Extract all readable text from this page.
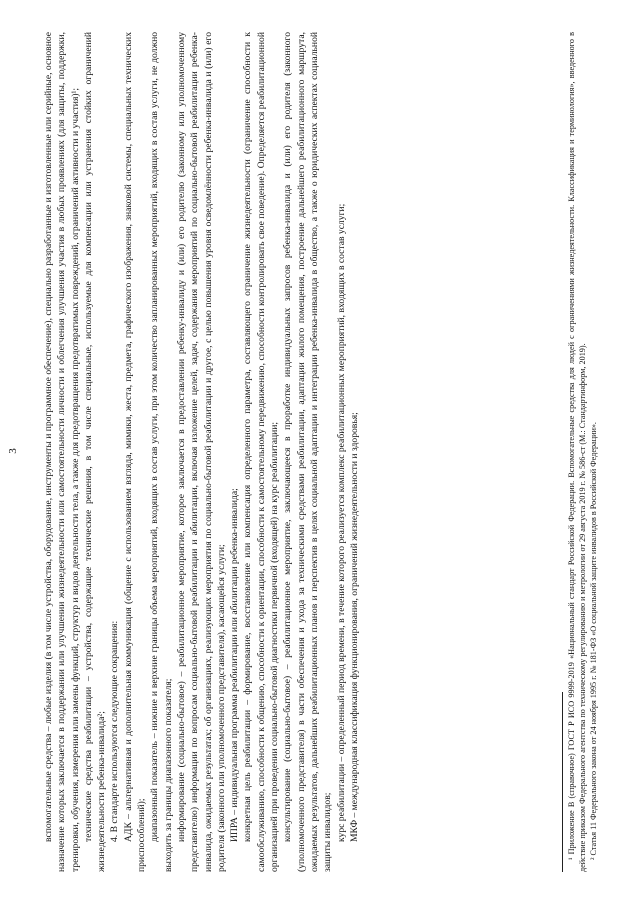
3	вспомогательные средства – любые изделия (в том числе устройства, оборудование, инструменты и программное обеспечение), специально разработанные и изготовленные или серийные, основное назначение которых заключается в поддержании или улучшении жизнедеятельности или самостоятельности личности и облегчения улучшения участия в любых проявлениях (для защиты, поддержки, тренировки, обучения, измерения или замены функций, структур и видов деятельности тела, а также для предотвращения предотвратимых повреждений, ограничений активности и участия)¹; технические средства реабилитации – устройства, содержащие технические решения, в том числе специальные, используемые для компенсации или устранения стойких ограничений жизнедеятельности ребенка-инвалида²; 4. В стандарте используются следующие сокращения: АДК – альтернативная и дополнительная коммуникация (общение с использованием взгляда, мимики, жеста, предмета, графического изображения, знаковой системы, специальных технических приспособлений); диапазонный показатель – нижние и верхние границы объема мероприятий, входящих в состав услуги, при этом количество запланированных мероприятий, входящих в состав услуги, не должно выходить за границы диапазонного показателя; информирование (социально-бытовое) – реабилитационное мероприятие, которое заключается в предоставлении ребенку-инвалиду и (или) его родителю (законному или уполномоченному представителю) информации по вопросам социально-бытовой реабилитации и абилитации, включая изложение целей, задач, содержания мероприятий по социально-бытовой реабилитации ребенка-инвалида, ожидаемых результатах; об организациях, реализующих мероприятия по социально-бытовой реабилитации и другое, с целью повышения уровня осведомлённости ребенка-инвалида и (или) его родителя (законного или уполномоченного представителя), касающейся услуги; ИПРА – индивидуальная программа реабилитации или абилитации ребенка-инвалида; конкретная цель реабилитации – формирование, восстановление или компенсация определенного параметра, составляющего ограничение жизнедеятельности (ограничение способности к самообслуживанию, способности к общению, способности к ориентации, способности к самостоятельному передвижению, способности контролировать свое поведение). Определяется реабилитационной организацией при проведении социально-бытовой диагностики первичной (входящей) на курс реабилитации; консультирование (социально-бытовое) – реабилитационное мероприятие, заключающееся в проработке индивидуальных запросов ребенка-инвалида и (или) его родителя (законного (уполномоченного представителя) в части обеспечения и ухода за техническими средствами реабилитации, адаптации жилого помещения, построение дальнейшего реабилитационного маршрута, ожидаемых результатов, дальнейших реабилитационных планов и перспектив в целях социальной адаптации и интеграции ребенка-инвалида в общество, а также о юридических аспектах социальной защиты инвалидов; курс реабилитации – определенный период времени, в течение которого реализуется комплекс реабилитационных мероприятий, входящих в состав услуги; МКФ – международная классификация функционирования, ограничений жизнедеятельности и здоровья;	¹ Приложение В (справочное) ГОСТ Р ИСО 9999-2019 «Национальный стандарт Российской Федерации. Вспомогательные средства для людей с ограничениями жизнедеятельности. Классификация и терминология», введенного в действие приказом Федерального агентства по техническому регулированию и метрологии от 29 августа 2019 г. № 586-ст (М.: Стандартинформ, 2019). ² Статья 11 Федерального закона от 24 ноября 1995 г. № 181-ФЗ «О социальной защите инвалидов в Российской Федерации».
